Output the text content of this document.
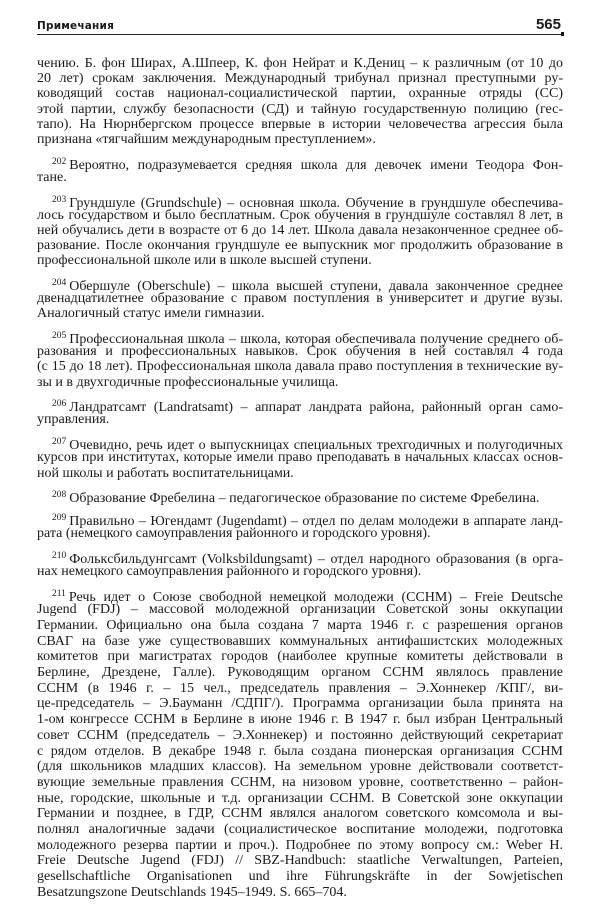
Примечания	565
чению. Б. фон Ширах, А.Шпеер, К. фон Нейрат и К.Дениц – к различным (от 10 до
20 лет) срокам заключения. Международный трибунал признал преступными ру-
ководящий состав национал-социалистической партии, охранные отряды (СС)
этой партии, службу безопасности (СД) и тайную государственную полицию (гес-
тапо). На Нюрнбергском процессе впервые в истории человечества агрессия была
признана «тягчайшим международным преступлением».
$^{202}$ Вероятно, подразумевается средняя школа для девочек имени Теодора Фон-
тане.
$^{203}$ Грундшуле (Grundschule) – основная школа. Обучение в грундшуле обеспечива-
лось государством и было бесплатным. Срок обучения в грундшуле составлял 8 лет, в
ней обучались дети в возрасте от 6 до 14 лет. Школа давала незаконченное среднее об-
разование. После окончания грундшуле ее выпускник мог продолжить образование в
профессиональной школе или в школе высшей ступени.
$^{204}$ Обершуле (Oberschule) – школа высшей ступени, давала законченное среднее
двенадцатилетнее образование с правом поступления в университет и другие вузы.
Аналогичный статус имели гимназии.
$^{205}$ Профессиональная школа – школа, которая обеспечивала получение среднего об-
разования и профессиональных навыков. Срок обучения в ней составлял 4 года
(с 15 до 18 лет). Профессиональная школа давала право поступления в технические ву-
зы и в двухгодичные профессиональные училища.
$^{206}$ Ландратсамт (Landratsamt) – аппарат ландрата района, районный орган само-
управления.
$^{207}$ Очевидно, речь идет о выпускницах специальных трехгодичных и полугодичных
курсов при институтах, которые имели право преподавать в начальных классах основ-
ной школы и работать воспитательницами.
$^{208}$ Образование Фребелина – педагогическое образование по системе Фребелина.
$^{209}$ Правильно – Югендамт (Jugendamt) – отдел по делам молодежи в аппарате ланд-
рата (немецкого самоуправления районного и городского уровня).
$^{210}$ Фолькcбильдунгсамт (Volksbildungsamt) – отдел народного образования (в орга-
нах немецкого самоуправления районного и городского уровня).
$^{211}$ Речь идет о Союзе свободной немецкой молодежи (ССНМ) – Freie Deutsche
Jugend (FDJ) – массовой молодежной организации Советской зоны оккупации
Германии. Официально она была создана 7 марта 1946 г. с разрешения органов
СВАГ на базе уже существовавших коммунальных антифашистских молодежных
комитетов при магистратах городов (наиболее крупные комитеты действовали в
Берлине, Дрездене, Галле). Руководящим органом ССНМ являлось правление
ССНМ (в 1946 г. – 15 чел., председатель правления – Э.Хоннекер /КПГ/, ви-
це-председатель – Э.Бауманн /СДПГ/). Программа организации была принята на
1-ом конгрессе ССНМ в Берлине в июне 1946 г. В 1947 г. был избран Центральный
совет ССНМ (председатель – Э.Хоннекер) и постоянно действующий секретариат
с рядом отделов. В декабре 1948 г. была создана пионерская организация ССНМ
(для школьников младших классов). На земельном уровне действовали соответст-
вующие земельные правления ССНМ, на низовом уровне, соответственно – район-
ные, городские, школьные и т.д. организации ССНМ. В Советской зоне оккупации
Германии и позднее, в ГДР, ССНМ являлся аналогом советского комсомола и вы-
полнял аналогичные задачи (социалистическое воспитание молодежи, подготовка
молодежного резерва партии и проч.). Подробнее по этому вопросу см.: Weber H.
Freie Deutsche Jugend (FDJ) // SBZ-Handbuch: staatliche Verwaltungen, Parteien,
gesellschaftliche Organisationen und ihre Führungskräfte in der Sowjetischen
Besatzungszone Deutschlands 1945–1949. S. 665–704.
